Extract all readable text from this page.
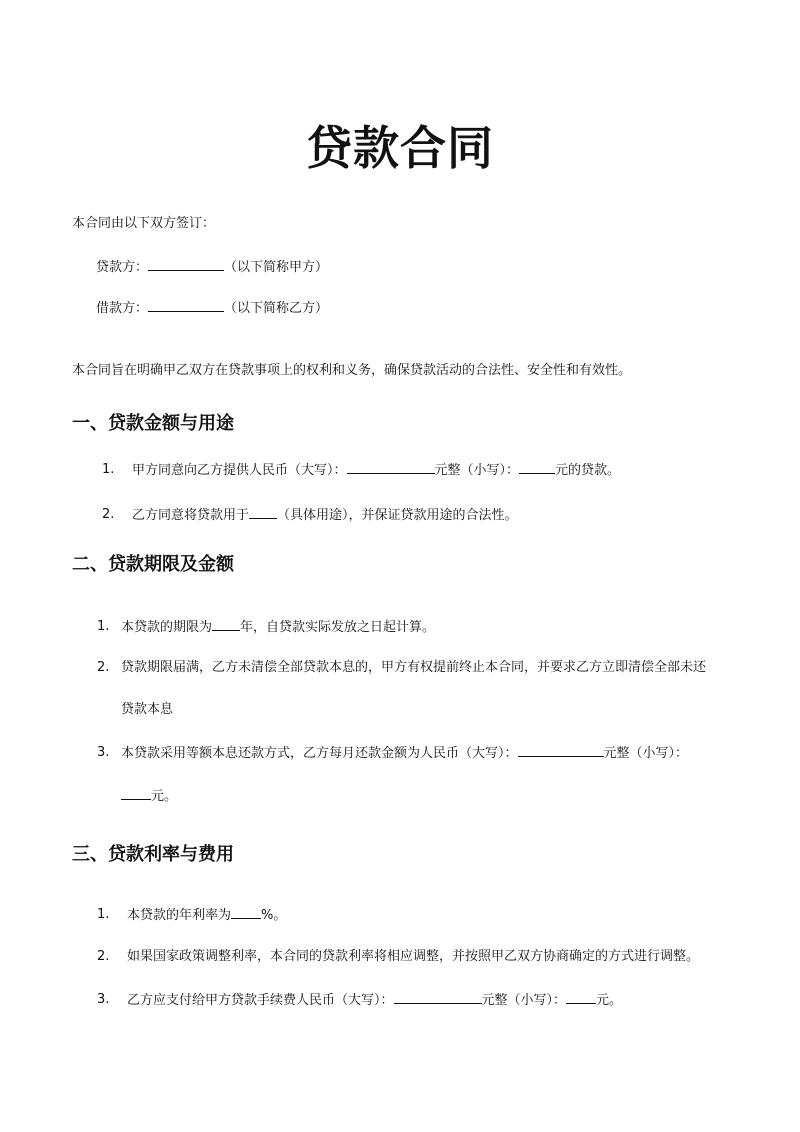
贷款合同
本合同由以下双方签订：
贷款方：	（以下简称甲方）
借款方：	（以下简称乙方）
本合同旨在明确甲乙双方在贷款事项上的权利和义务，确保贷款活动的合法性、安全性和有效性。
一、贷款金额与用途
1. 甲方同意向乙方提供人民币（大写）：	元整（小写）：	元的贷款。
2. 乙方同意将贷款用于 （具体用途），并保证贷款用途的合法性。
二、贷款期限及金额
1. 本贷款的期限为 年，自贷款实际发放之日起计算。
2. 贷款期限届满，乙方未清偿全部贷款本息的，甲方有权提前终止本合同，并要求乙方立即清偿全部未还
贷款本息
3. 本贷款采用等额本息还款方式，乙方每月还款金额为人民币（大写）：	元整（小写）：
元。
三、贷款利率与费用
1. 本贷款的年利率为 %。
2. 如果国家政策调整利率，本合同的贷款利率将相应调整，并按照甲乙双方协商确定的方式进行调整。
3. 乙方应支付给甲方贷款手续费人民币（大写）：	元整（小写）： 元。
